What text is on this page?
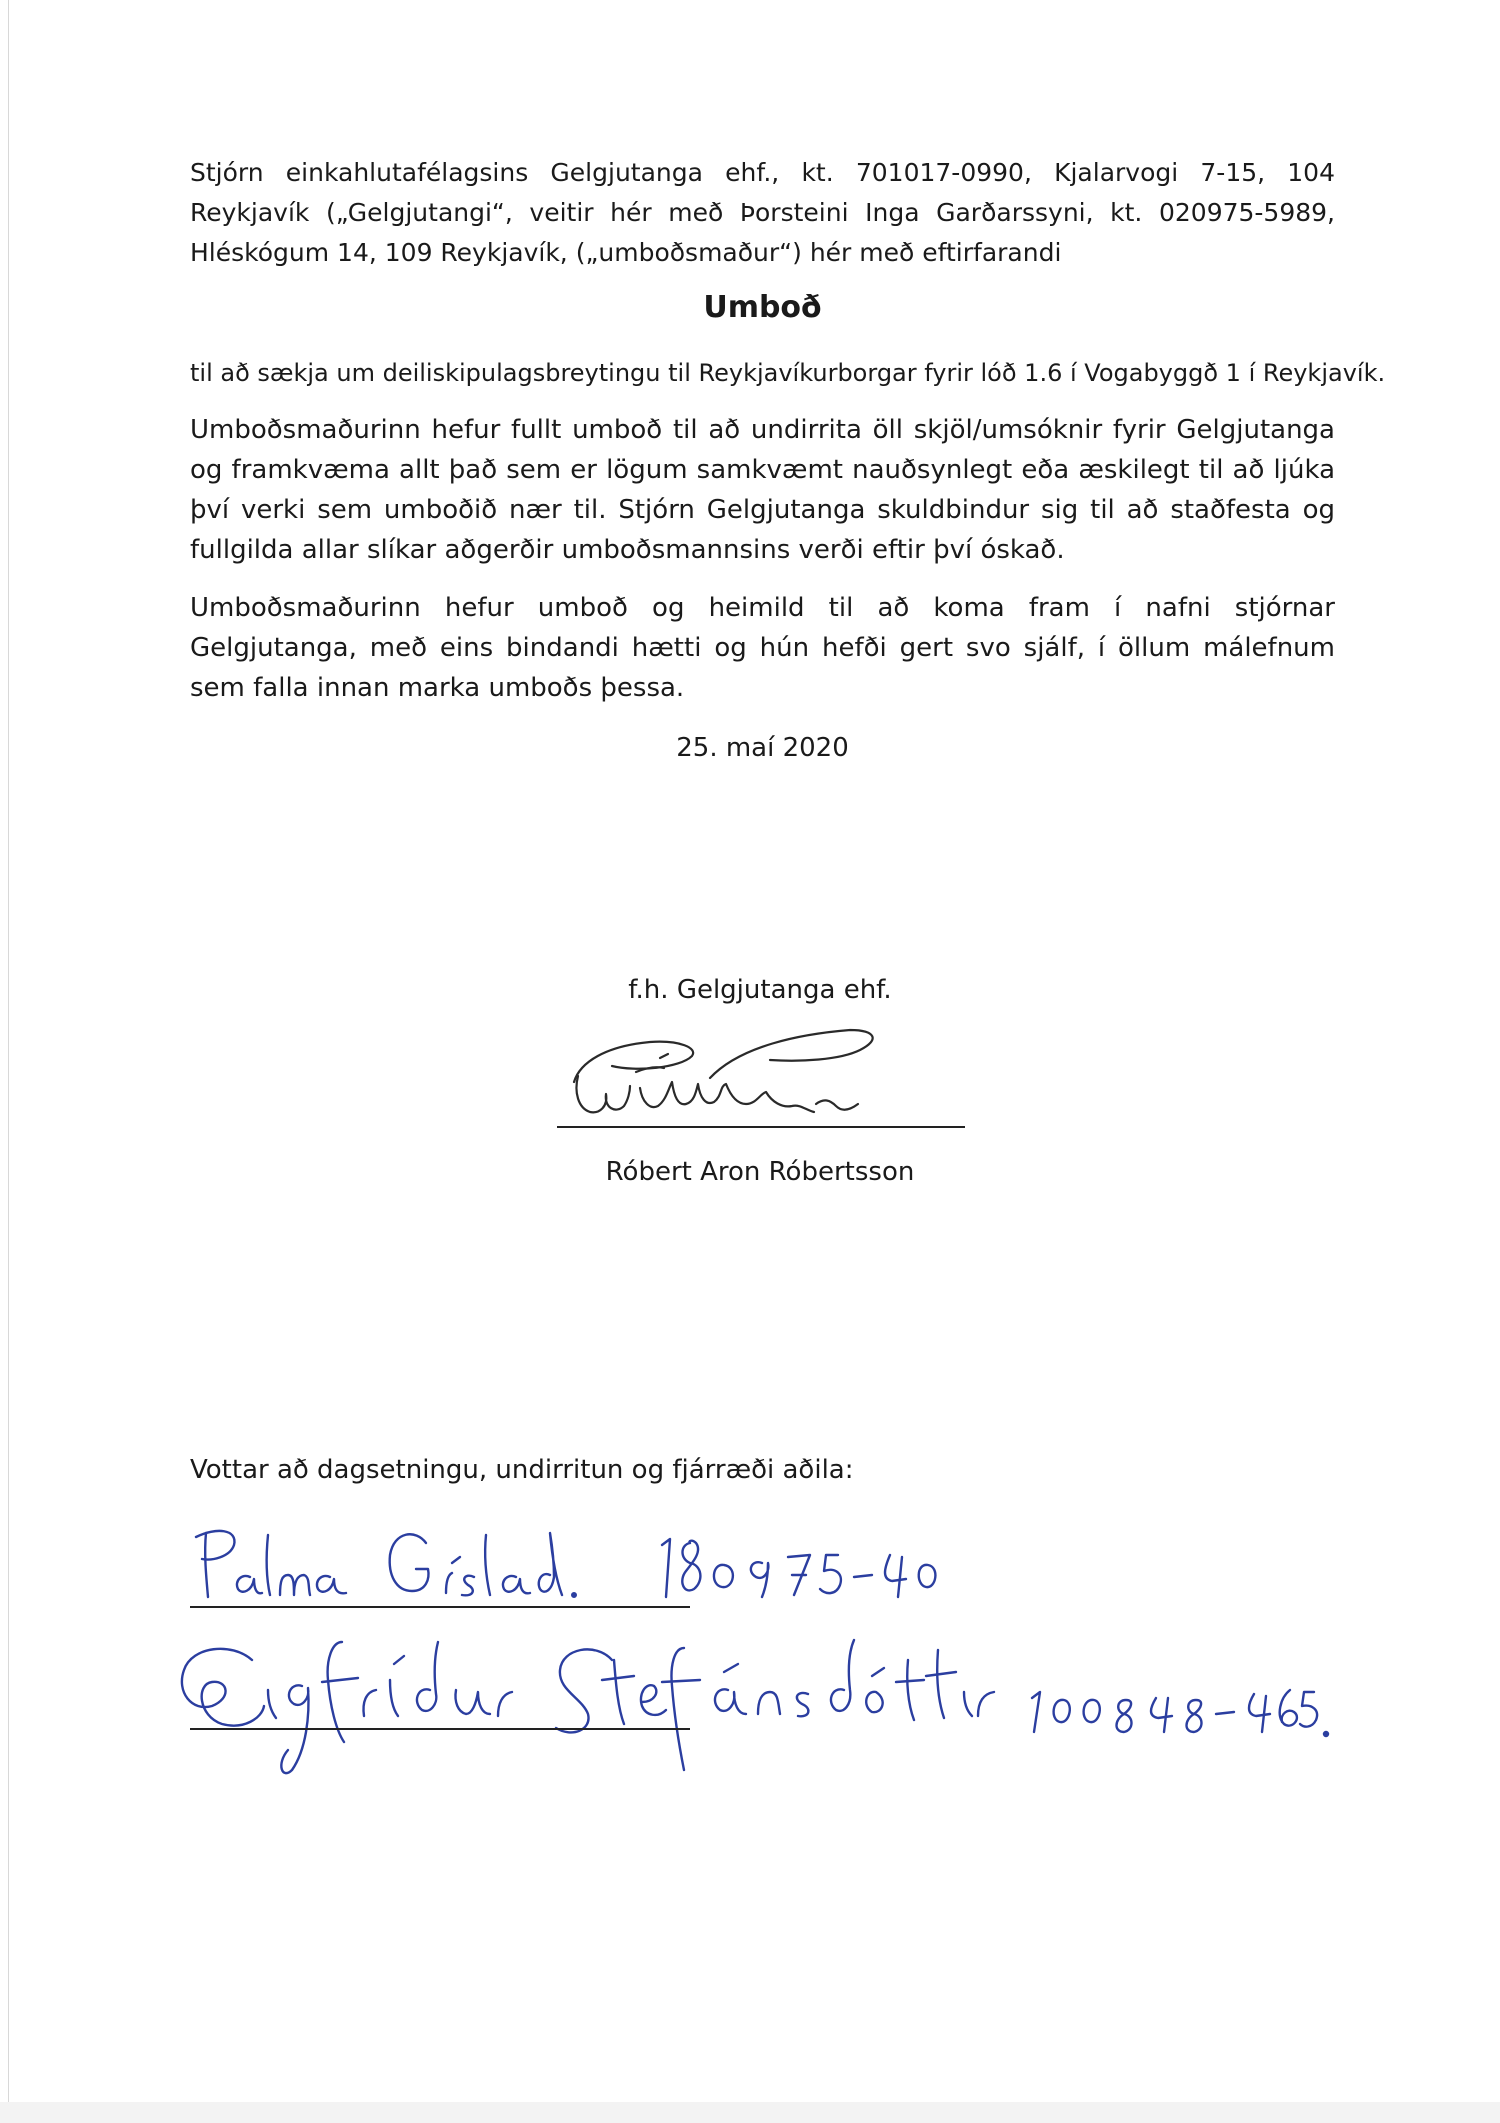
Stjórn einkahlutafélagsins Gelgjutanga ehf., kt. 701017-0990, Kjalarvogi 7-15, 104 Reykjavík („Gelgjutangi“, veitir hér með Þorsteini Inga Garðarssyni, kt. 020975-5989, Hléskógum 14, 109 Reykjavík, („umboðsmaður“) hér með eftirfarandi

Umboð
til að sækja um deiliskipulagsbreytingu til Reykjavíkurborgar fyrir lóð 1.6 í Vogabyggð 1 í Reykjavík.

Umboðsmaðurinn hefur fullt umboð til að undirrita öll skjöl/umsóknir fyrir Gelgjutanga og framkvæma allt það sem er lögum samkvæmt nauðsynlegt eða æskilegt til að ljúka því verki sem umboðið nær til. Stjórn Gelgjutanga skuldbindur sig til að staðfesta og fullgilda allar slíkar aðgerðir umboðsmannsins verði eftir því óskað.

Umboðsmaðurinn hefur umboð og heimild til að koma fram í nafni stjórnar Gelgjutanga, með eins bindandi hætti og hún hefði gert svo sjálf, í öllum málefnum sem falla innan marka umboðs þessa.

25. maí 2020
f.h. Gelgjutanga ehf.
Róbert Aron Róbertsson
Vottar að dagsetningu, undirritun og fjárræði aðila:
